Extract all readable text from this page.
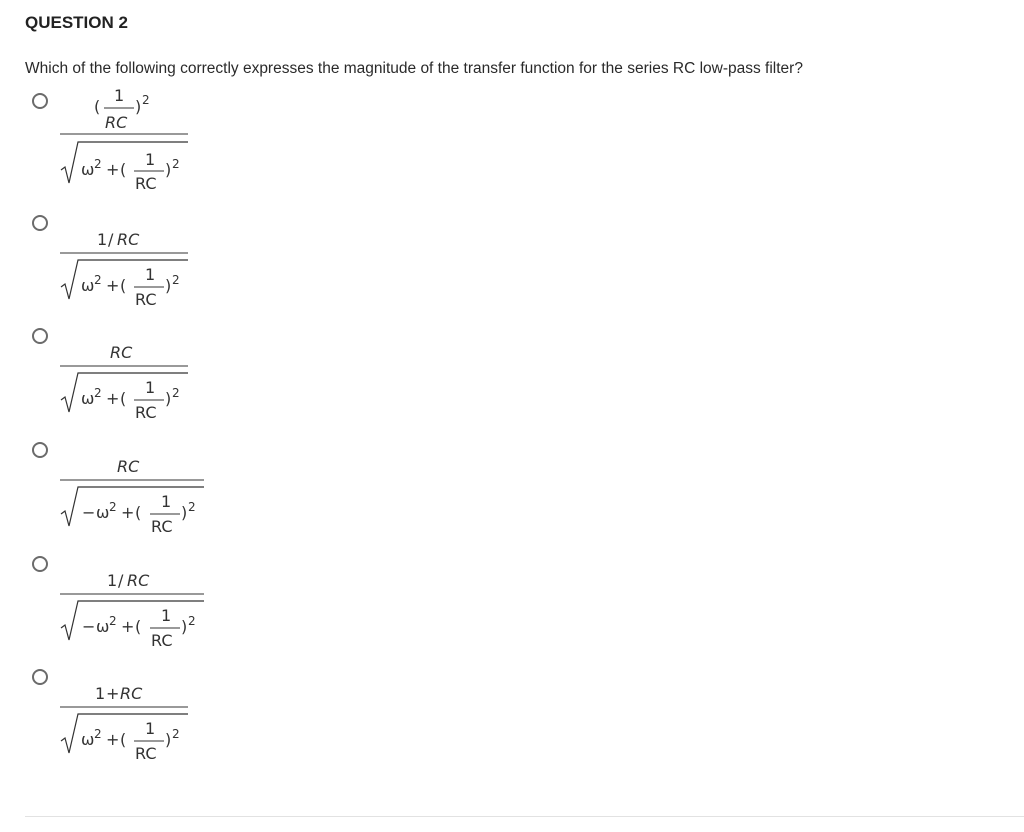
QUESTION 2
Which of the following correctly expresses the magnitude of the transfer function for the series RC low-pass filter?
(
1
RC
) 2
ω 2 + (
1
RC
) 2
1 / RC
ω 2 + (
1
RC
) 2
RC
ω 2 + (
1
RC
) 2
RC
− ω 2 + (
1
RC
) 2
1 / RC
− ω 2 + (
1
RC
) 2
1 + RC
ω 2 + (
1
RC
) 2
